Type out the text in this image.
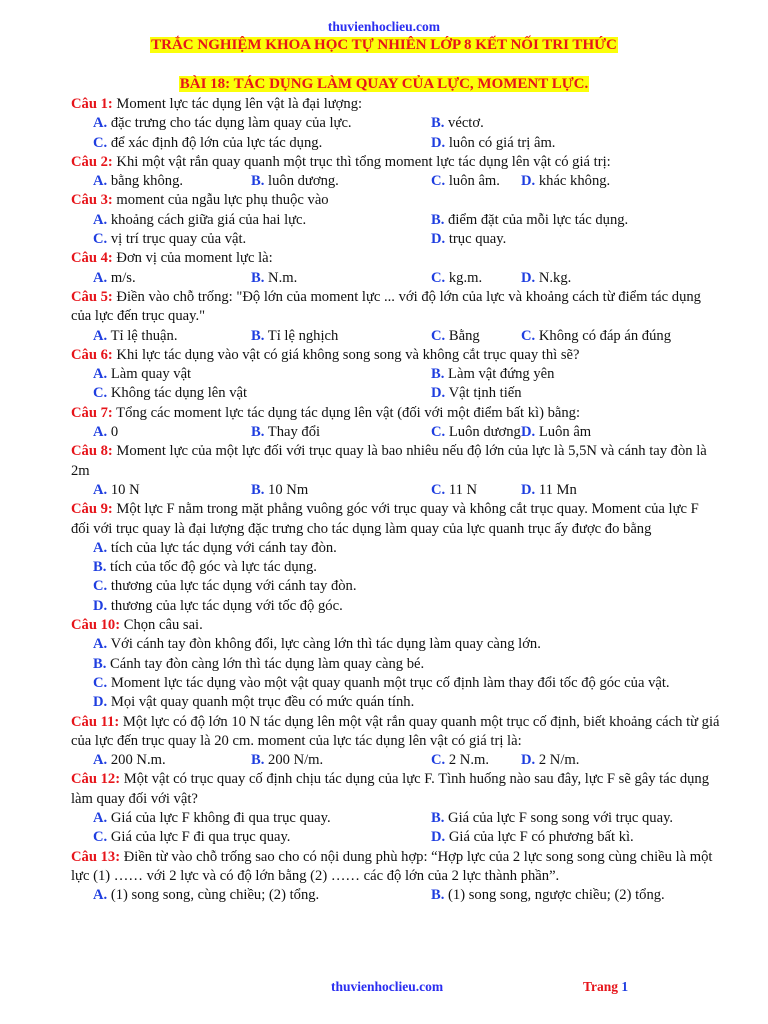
thuvienhoclieu.com
TRẮC NGHIỆM KHOA HỌC TỰ NHIÊN LỚP 8 KẾT NỐI TRI THỨC
BÀI 18: TÁC DỤNG LÀM QUAY CỦA LỰC, MOMENT LỰC.
Câu 1: Moment lực tác dụng lên vật là đại lượng:
A. đặc trưng cho tác dụng làm quay của lực.	B. véctơ.
C. để xác định độ lớn của lực tác dụng.	D. luôn có giá trị âm.
Câu 2: Khi một vật rắn quay quanh một trục thì tổng moment lực tác dụng lên vật có giá trị:
A. bằng không.	B. luôn dương.	C. luôn âm. D. khác không.
Câu 3: moment của ngẫu lực phụ thuộc vào
A. khoảng cách giữa giá của hai lực.	B. điểm đặt của mỗi lực tác dụng.
C. vị trí trục quay của vật.	D. trục quay.
Câu 4: Đơn vị của moment lực là:
A. m/s.	B. N.m.	C. kg.m.	D. N.kg.
Câu 5: Điền vào chỗ trống: "Độ lớn của moment lực ... với độ lớn của lực và khoảng cách từ điểm tác dụng của lực đến trục quay."
A. Tỉ lệ thuận.	B. Tỉ lệ nghịch	C. Bằng	C. Không có đáp án đúng
Câu 6: Khi lực tác dụng vào vật có giá không song song và không cắt trục quay thì sẽ?
A. Làm quay vật	B. Làm vật đứng yên
C. Không tác dụng lên vật	D. Vật tịnh tiến
Câu 7: Tổng các moment lực tác dụng tác dụng lên vật (đối với một điểm bất kì) bằng:
A. 0	B. Thay đổi	C. Luôn dương D. Luôn âm
Câu 8: Moment lực của một lực đối với trục quay là bao nhiêu nếu độ lớn của lực là 5,5N và cánh tay đòn là 2m
A. 10 N	B. 10 Nm	C. 11 N	D. 11 Mn
Câu 9: Một lực F nằm trong mặt phẳng vuông góc với trục quay và không cắt trục quay. Moment của lực F đối với trục quay là đại lượng đặc trưng cho tác dụng làm quay của lực quanh trục ấy được đo bằng
A. tích của lực tác dụng với cánh tay đòn.
B. tích của tốc độ góc và lực tác dụng.
C. thương của lực tác dụng với cánh tay đòn.
D. thương của lực tác dụng với tốc độ góc.
Câu 10: Chọn câu sai.
A. Với cánh tay đòn không đổi, lực càng lớn thì tác dụng làm quay càng lớn.
B. Cánh tay đòn càng lớn thì tác dụng làm quay càng bé.
C. Moment lực tác dụng vào một vật quay quanh một trục cố định làm thay đổi tốc độ góc của vật.
D. Mọi vật quay quanh một trục đều có mức quán tính.
Câu 11: Một lực có độ lớn 10 N tác dụng lên một vật rắn quay quanh một trục cố định, biết khoảng cách từ giá của lực đến trục quay là 20 cm. moment của lực tác dụng lên vật có giá trị là:
A. 200 N.m.	B. 200 N/m.	C. 2 N.m. D. 2 N/m.
Câu 12: Một vật có trục quay cố định chịu tác dụng của lực F. Tình huống nào sau đây, lực F sẽ gây tác dụng làm quay đối với vật?
A. Giá của lực F không đi qua trục quay.	B. Giá của lực F song song với trục quay.
C. Giá của lực F đi qua trục quay.	D. Giá của lực F có phương bất kì.
Câu 13: Điền từ vào chỗ trống sao cho có nội dung phù hợp: “Hợp lực của 2 lực song song cùng chiều là một lực (1) …… với 2 lực và có độ lớn bằng (2) …… các độ lớn của 2 lực thành phần”.
A. (1) song song, cùng chiều; (2) tổng.	B. (1) song song, ngược chiều; (2) tổng.
thuvienhoclieu.com	Trang 1
